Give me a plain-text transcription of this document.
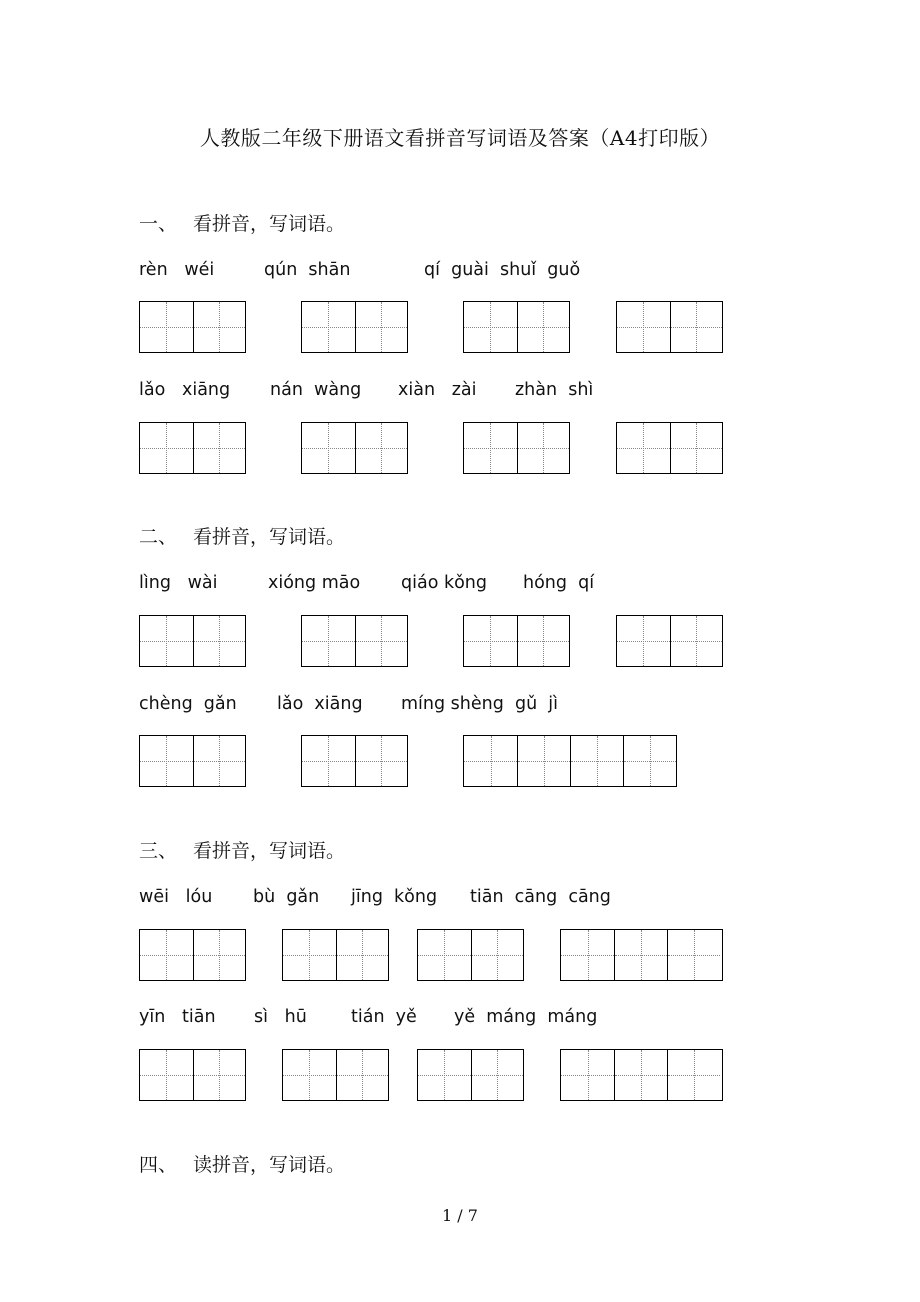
人教版二年级下册语文看拼音写词语及答案（A4打印版）
一、 看拼音，写词语。
rèn   wéi	qún  shān	qí  guài shuǐ  guǒ
lǎo   xiāng nán  wàng xiàn   zài zhàn  shì
二、 看拼音，写词语。
lìng   wài	xióng māo qiáo kǒng hóng  qí
chèng  gǎn lǎo  xiāng míng shèng  gǔ  jì
三、 看拼音，写词语。
wēi   lóu bù  gǎn jīng  kǒng tiān  cāng  cāng
yīn   tiān sì   hū	tián  yě yě  máng  máng
四、 读拼音，写词语。
1 / 7
